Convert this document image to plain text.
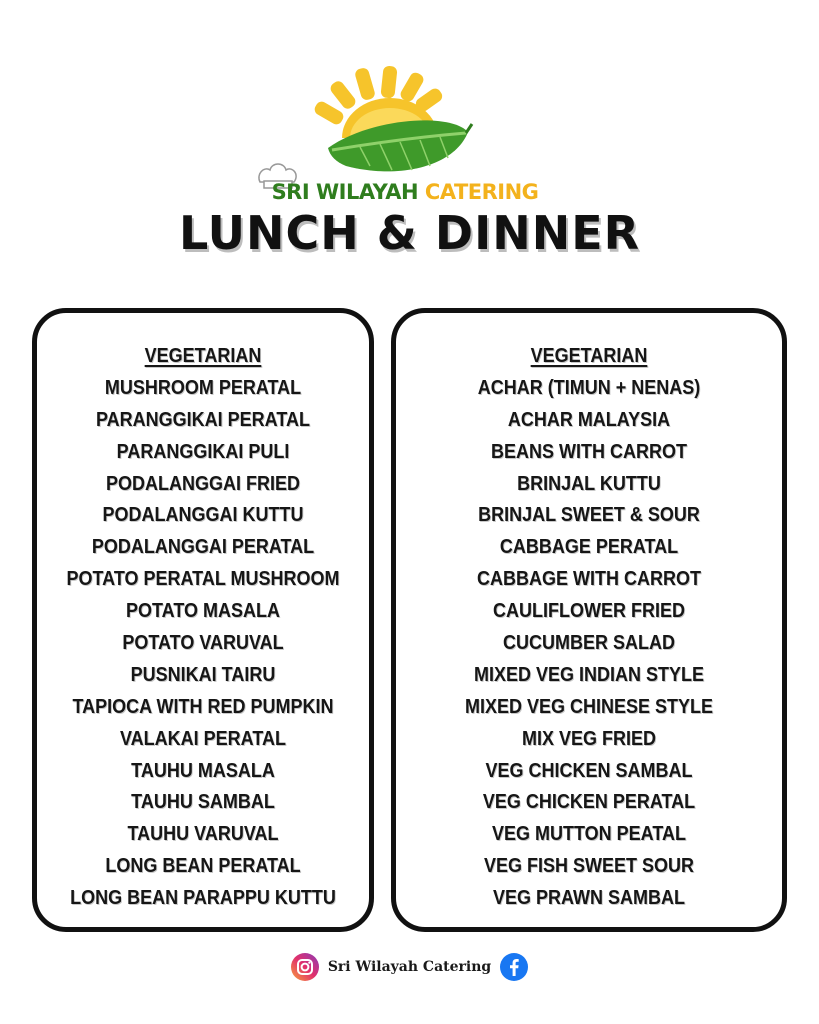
SRI WILAYAH CATERING
LUNCH & DINNER
VEGETARIAN
MUSHROOM PERATAL
PARANGGIKAI PERATAL
PARANGGIKAI PULI
PODALANGGAI FRIED
PODALANGGAI KUTTU
PODALANGGAI PERATAL
POTATO PERATAL MUSHROOM
POTATO MASALA
POTATO VARUVAL
PUSNIKAI TAIRU
TAPIOCA WITH RED PUMPKIN
VALAKAI PERATAL
TAUHU MASALA
TAUHU SAMBAL
TAUHU VARUVAL
LONG BEAN PERATAL
LONG BEAN PARAPPU KUTTU
VEGETARIAN
ACHAR (TIMUN + NENAS)
ACHAR MALAYSIA
BEANS WITH CARROT
BRINJAL KUTTU
BRINJAL SWEET & SOUR
CABBAGE PERATAL
CABBAGE WITH CARROT
CAULIFLOWER FRIED
CUCUMBER SALAD
MIXED VEG INDIAN STYLE
MIXED VEG CHINESE STYLE
MIX VEG FRIED
VEG CHICKEN SAMBAL
VEG CHICKEN PERATAL
VEG MUTTON PEATAL
VEG FISH SWEET SOUR
VEG PRAWN SAMBAL
Sri Wilayah Catering
